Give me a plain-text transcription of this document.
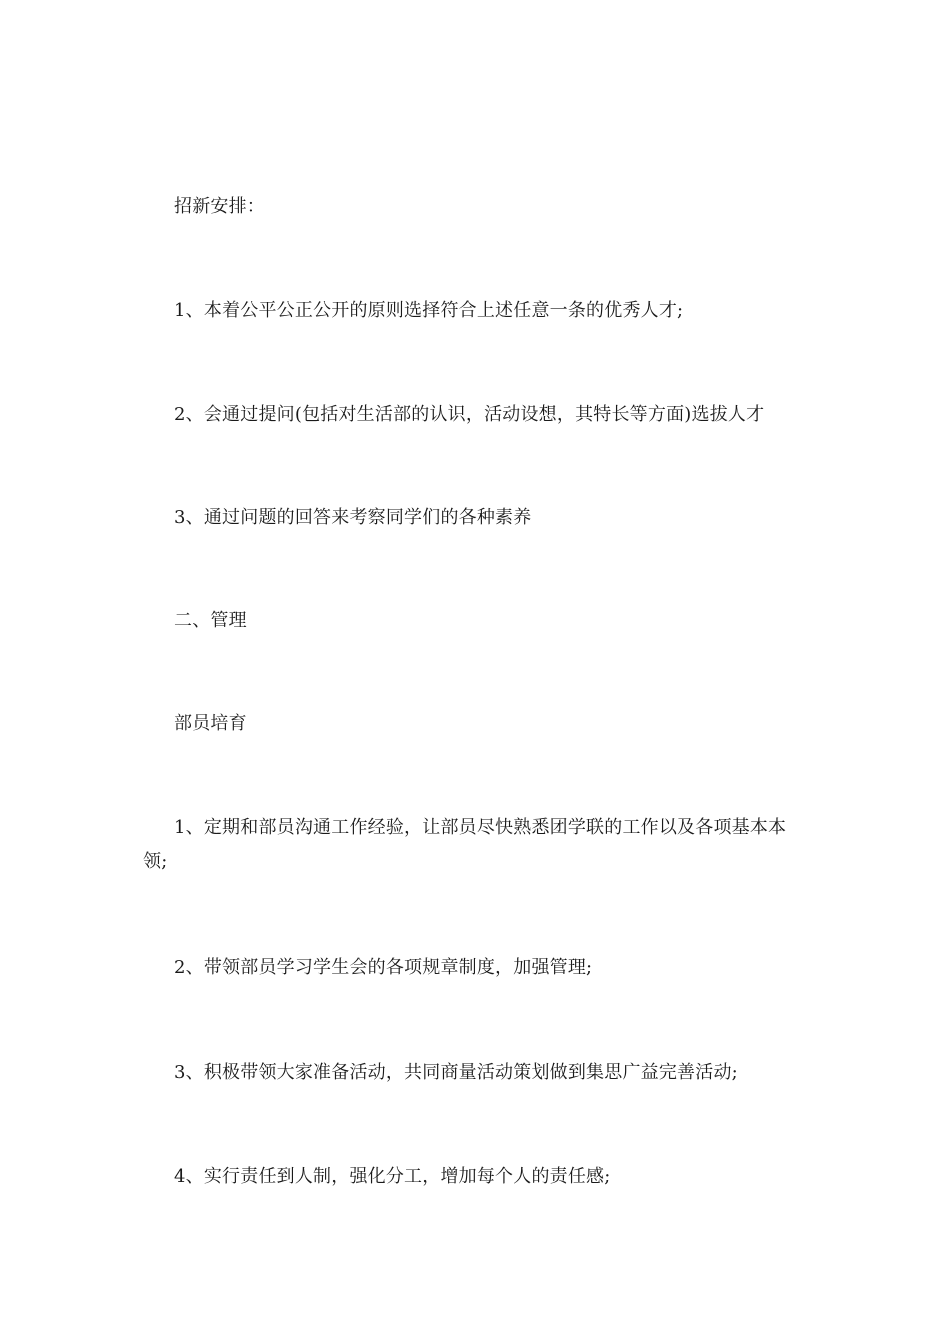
招新安排：

1、本着公平公正公开的原则选择符合上述任意一条的优秀人才;

2、会通过提问(包括对生活部的认识，活动设想，其特长等方面)选拔人才

3、通过问题的回答来考察同学们的各种素养

二、管理

部员培育

1、定期和部员沟通工作经验，让部员尽快熟悉团学联的工作以及各项基本本领;

2、带领部员学习学生会的各项规章制度，加强管理;

3、积极带领大家准备活动，共同商量活动策划做到集思广益完善活动;

4、实行责任到人制，强化分工，增加每个人的责任感;
